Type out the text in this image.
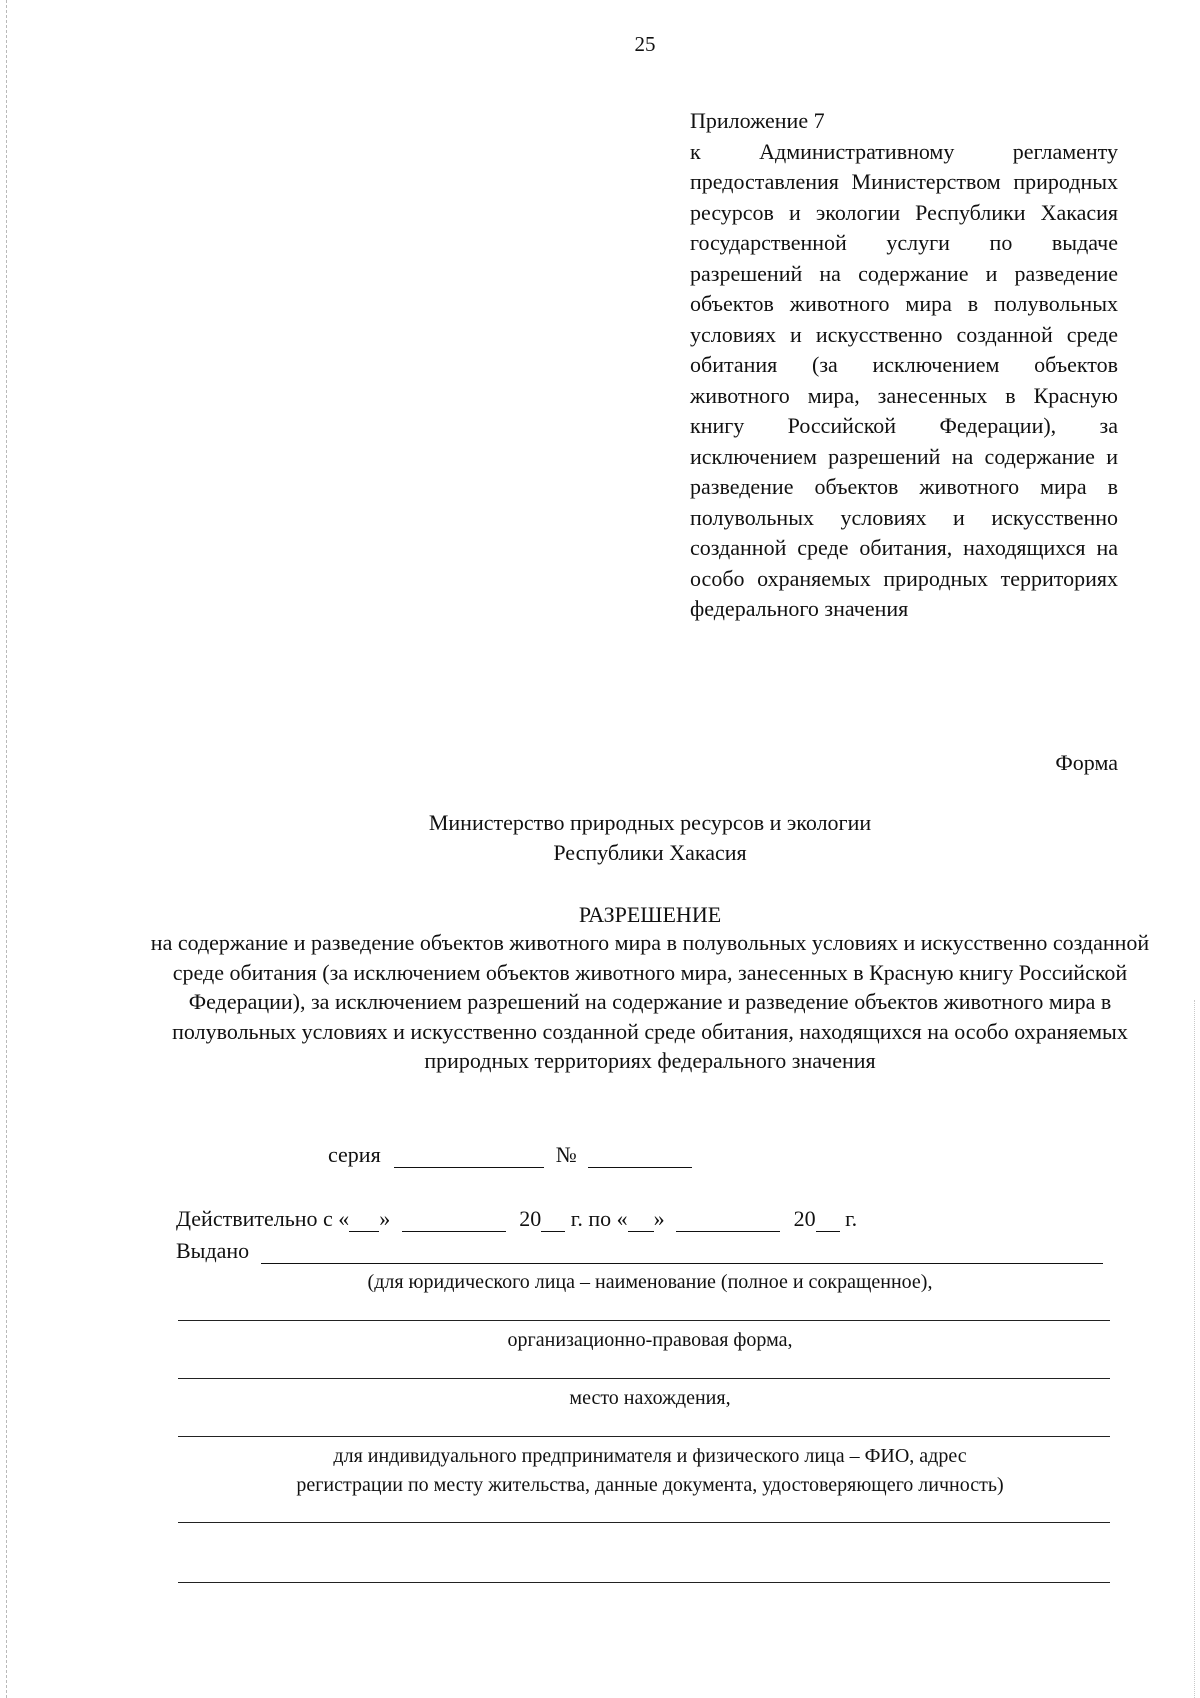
25
Приложение 7
к Административному регламенту предоставления Министерством природных ресурсов и экологии Республики Хакасия государственной услуги по выдаче разрешений на содержание и разведение объектов животного мира в полувольных условиях и искусственно созданной среде обитания (за исключением объектов животного мира, занесенных в Красную книгу Российской Федерации), за исключением разрешений на содержание и разведение объектов животного мира в полувольных условиях и искусственно созданной среде обитания, находящихся на особо охраняемых природных территориях федерального значения
Форма
Министерство природных ресурсов и экологии
Республики Хакасия
РАЗРЕШЕНИЕ
на содержание и разведение объектов животного мира в полувольных условиях и искусственно созданной среде обитания (за исключением объектов животного мира, занесенных в Красную книгу Российской Федерации), за исключением разрешений на содержание и разведение объектов животного мира в полувольных условиях и искусственно созданной среде обитания, находящихся на особо охраняемых природных территориях федерального значения
серия	№
Действительно с « »	20 г. по « »	20 г.
Выдано
(для юридического лица – наименование (полное и сокращенное),
организационно-правовая форма,
место нахождения,
для индивидуального предпринимателя и физического лица – ФИО, адрес
регистрации по месту жительства, данные документа, удостоверяющего личность)
